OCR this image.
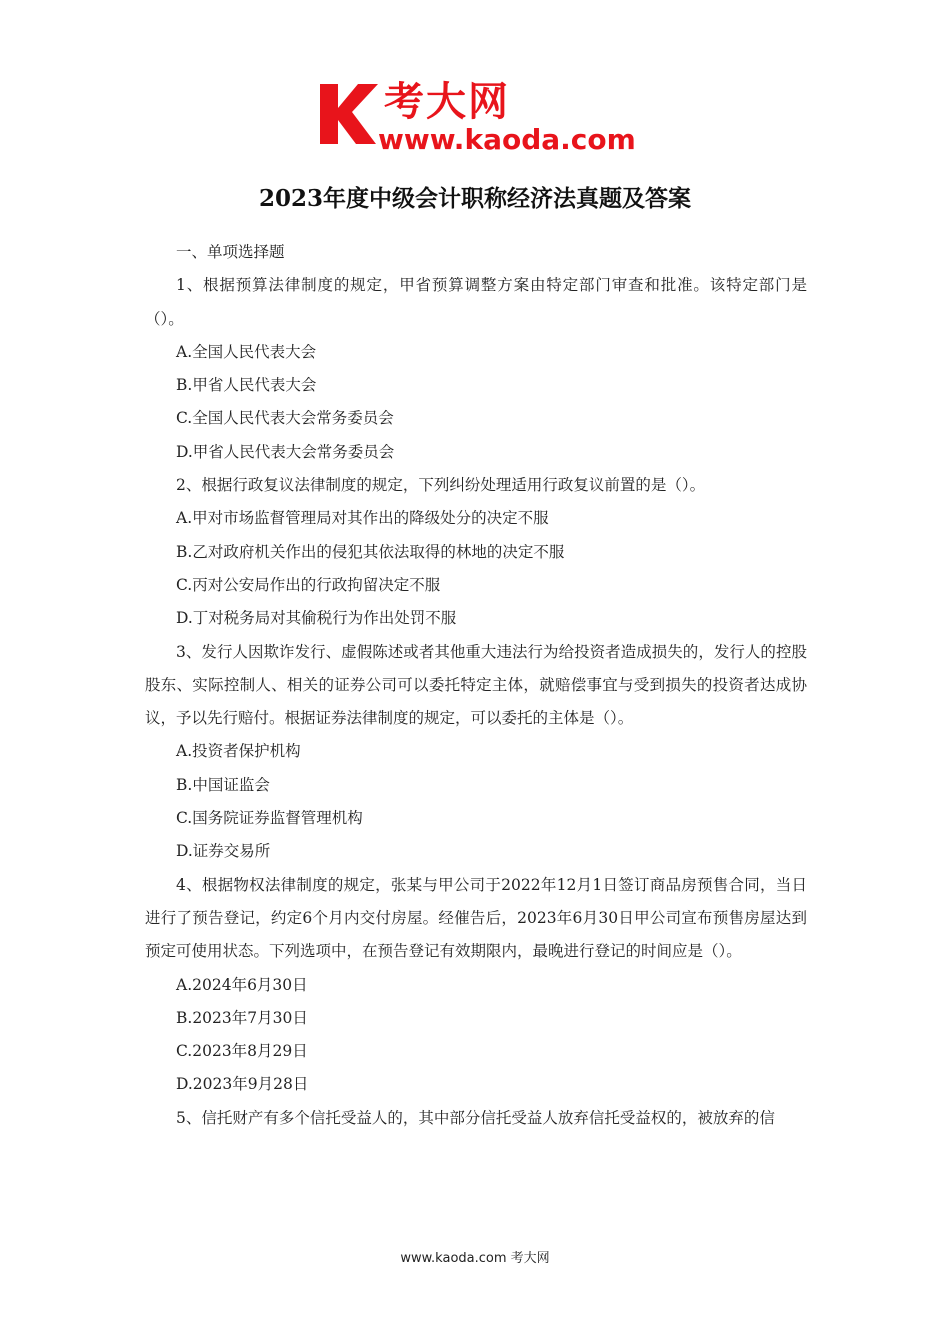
考大网
www.kaoda.com
2023年度中级会计职称经济法真题及答案

一、单项选择题

1、根据预算法律制度的规定，甲省预算调整方案由特定部门审查和批准。该特定部门是（）。

A.全国人民代表大会

B.甲省人民代表大会

C.全国人民代表大会常务委员会

D.甲省人民代表大会常务委员会

2、根据行政复议法律制度的规定，下列纠纷处理适用行政复议前置的是（）。

A.甲对市场监督管理局对其作出的降级处分的决定不服

B.乙对政府机关作出的侵犯其依法取得的林地的决定不服

C.丙对公安局作出的行政拘留决定不服

D.丁对税务局对其偷税行为作出处罚不服

3、发行人因欺诈发行、虚假陈述或者其他重大违法行为给投资者造成损失的，发行人的控股股东、实际控制人、相关的证券公司可以委托特定主体，就赔偿事宜与受到损失的投资者达成协议，予以先行赔付。根据证券法律制度的规定，可以委托的主体是（）。

A.投资者保护机构

B.中国证监会

C.国务院证券监督管理机构

D.证券交易所

4、根据物权法律制度的规定，张某与甲公司于2022年12月1日签订商品房预售合同，当日进行了预告登记，约定6个月内交付房屋。经催告后，2023年6月30日甲公司宣布预售房屋达到预定可使用状态。下列选项中，在预告登记有效期限内，最晚进行登记的时间应是（）。

A.2024年6月30日

B.2023年7月30日

C.2023年8月29日

D.2023年9月28日

5、信托财产有多个信托受益人的，其中部分信托受益人放弃信托受益权的，被放弃的信

www.kaoda.com 考大网
